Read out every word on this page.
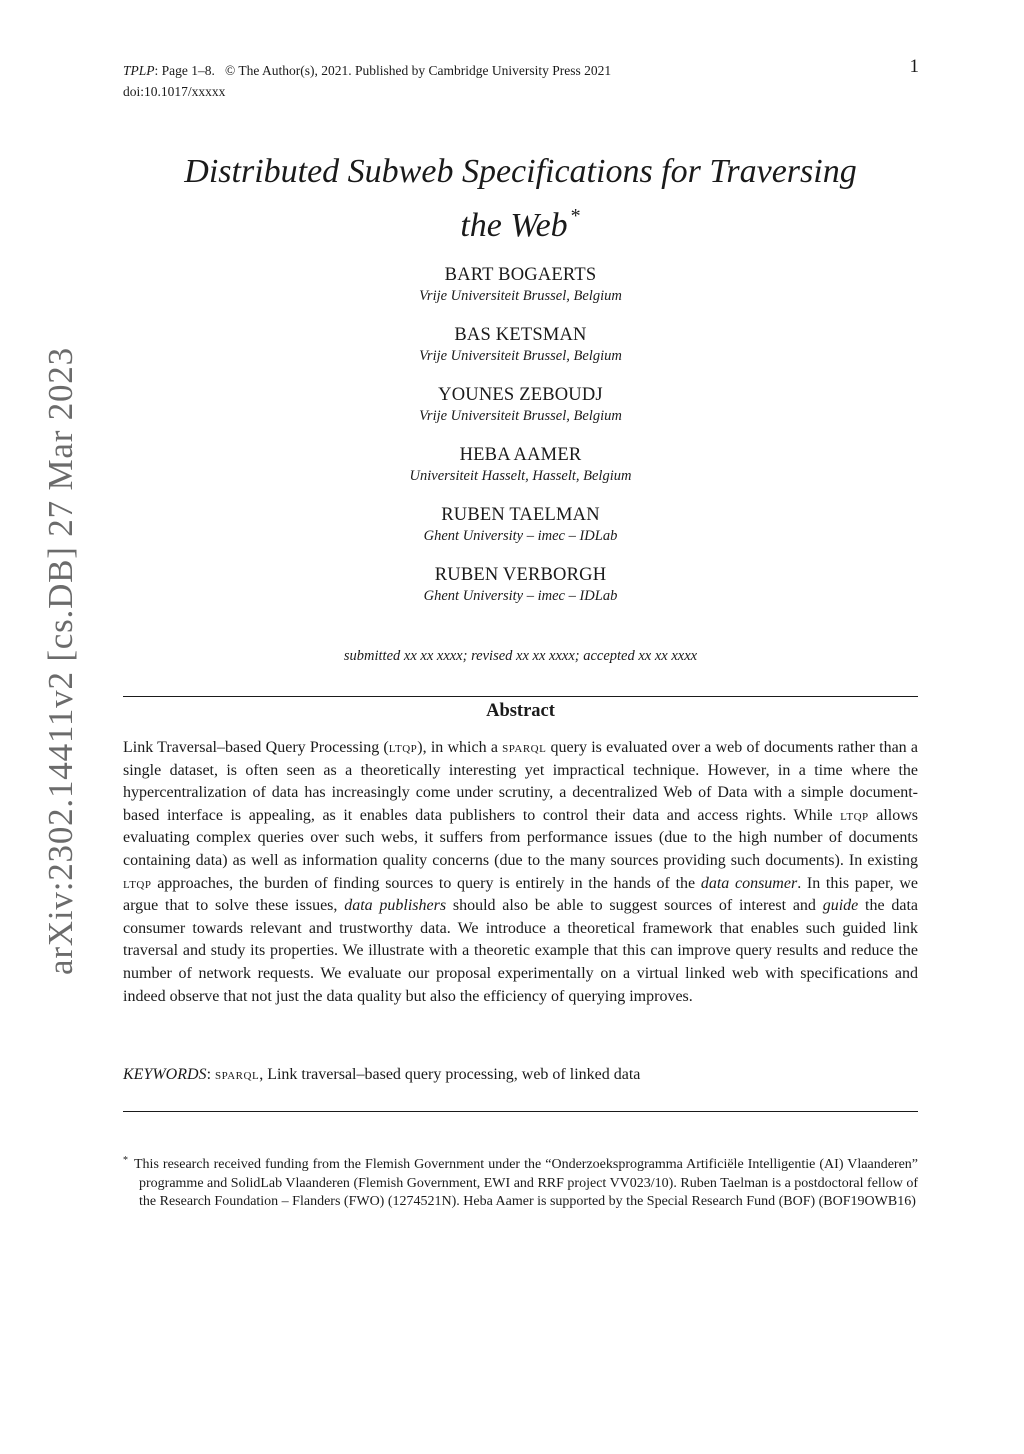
TPLP: Page 1–8. © The Author(s), 2021. Published by Cambridge University Press 2021	1
doi:10.1017/xxxxx
arXiv:2302.14411v2 [cs.DB] 27 Mar 2023
Distributed Subweb Specifications for Traversing
the Web *
BART BOGAERTS
Vrije Universiteit Brussel, Belgium
BAS KETSMAN
Vrije Universiteit Brussel, Belgium
YOUNES ZEBOUDJ
Vrije Universiteit Brussel, Belgium
HEBA AAMER
Universiteit Hasselt, Hasselt, Belgium
RUBEN TAELMAN
Ghent University – imec – IDLab
RUBEN VERBORGH
Ghent University – imec – IDLab
submitted xx xx xxxx; revised xx xx xxxx; accepted xx xx xxxx
Abstract

Link Traversal–based Query Processing (ltqp), in which a sparql query is evaluated over a web of documents rather than a single dataset, is often seen as a theoretically interesting yet impractical technique. However, in a time where the hypercentralization of data has increasingly come under scrutiny, a decentralized Web of Data with a simple document-based interface is appealing, as it enables data publishers to control their data and access rights. While ltqp allows evaluating complex queries over such webs, it suffers from performance issues (due to the high number of documents containing data) as well as information quality concerns (due to the many sources providing such documents). In existing ltqp approaches, the burden of finding sources to query is entirely in the hands of the data consumer. In this paper, we argue that to solve these issues, data publishers should also be able to suggest sources of interest and guide the data consumer towards relevant and trustworthy data. We introduce a theoretical framework that enables such guided link traversal and study its properties. We illustrate with a theoretic example that this can improve query results and reduce the number of network requests. We evaluate our proposal experimentally on a virtual linked web with specifications and indeed observe that not just the data quality but also the efficiency of querying improves.

KEYWORDS: sparql, Link traversal–based query processing, web of linked data

* This research received funding from the Flemish Government under the “Onderzoeksprogramma Artificiële Intelligentie (AI) Vlaanderen” programme and SolidLab Vlaanderen (Flemish Government, EWI and RRF project VV023/10). Ruben Taelman is a postdoctoral fellow of the Research Foundation – Flanders (FWO) (1274521N). Heba Aamer is supported by the Special Research Fund (BOF) (BOF19OWB16)
